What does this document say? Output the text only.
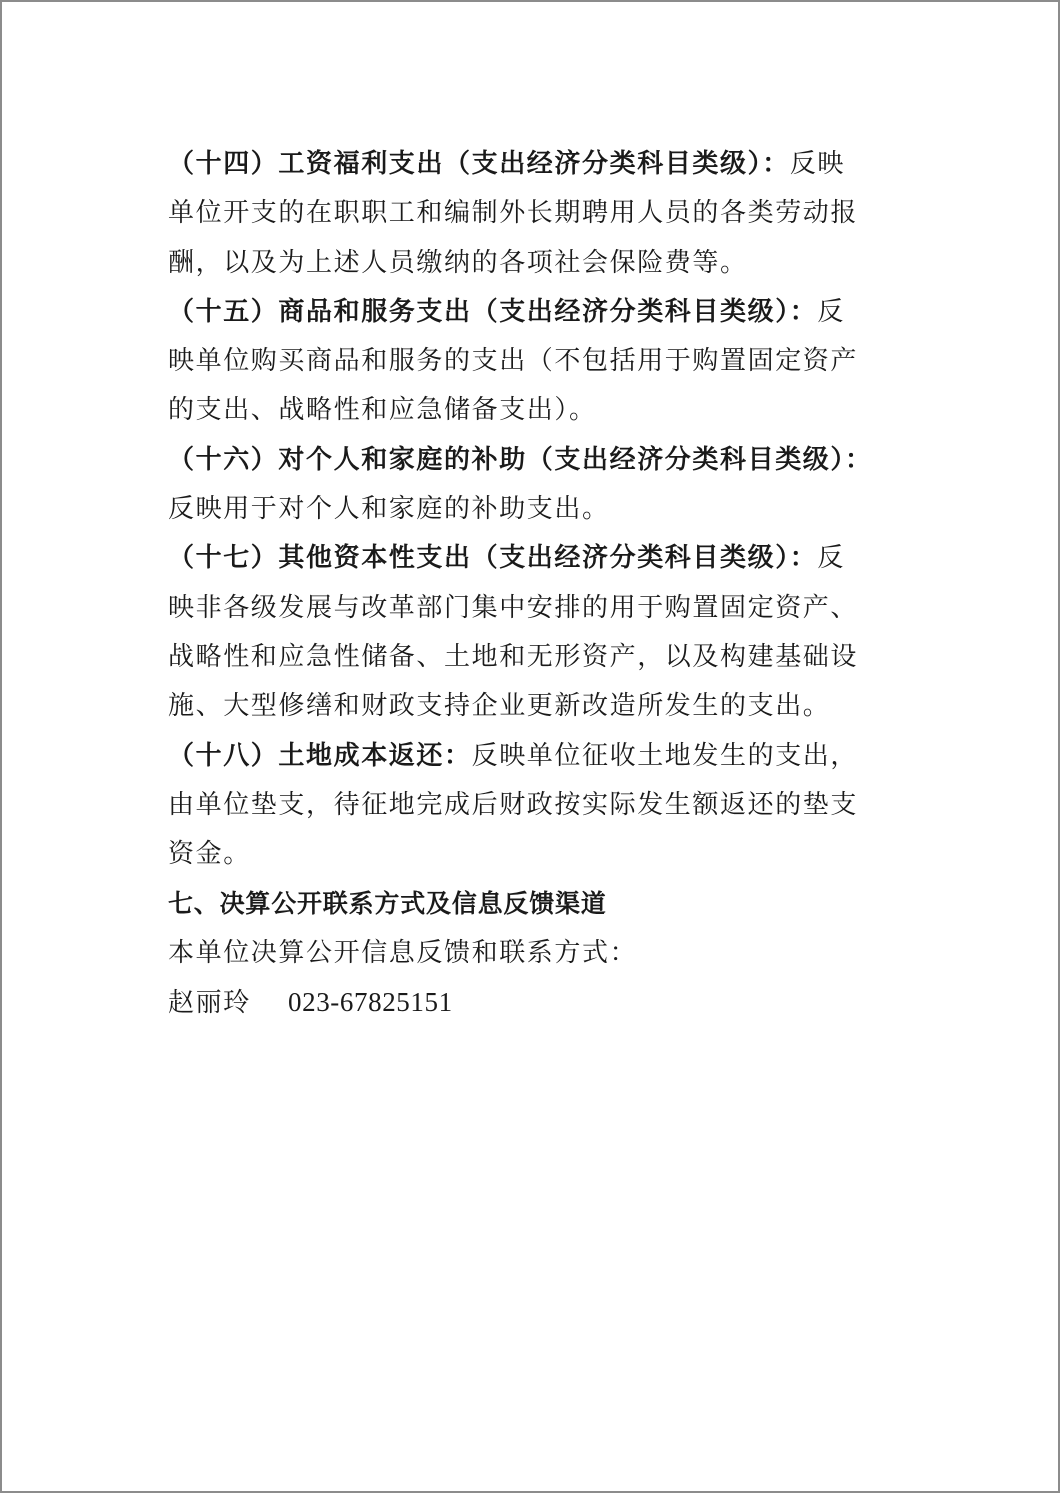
（十四）工资福利支出（支出经济分类科目类级）：反映
单位开支的在职职工和编制外长期聘用人员的各类劳动报
酬，以及为上述人员缴纳的各项社会保险费等。

（十五）商品和服务支出（支出经济分类科目类级）：反
映单位购买商品和服务的支出（不包括用于购置固定资产
的支出、战略性和应急储备支出）。

（十六）对个人和家庭的补助（支出经济分类科目类级）：
反映用于对个人和家庭的补助支出。

（十七）其他资本性支出（支出经济分类科目类级）：反
映非各级发展与改革部门集中安排的用于购置固定资产、
战略性和应急性储备、土地和无形资产，以及构建基础设
施、大型修缮和财政支持企业更新改造所发生的支出。

（十八）土地成本返还：反映单位征收土地发生的支出，
由单位垫支，待征地完成后财政按实际发生额返还的垫支
资金。

七、决算公开联系方式及信息反馈渠道

本单位决算公开信息反馈和联系方式：
赵丽玲 023-67825151
